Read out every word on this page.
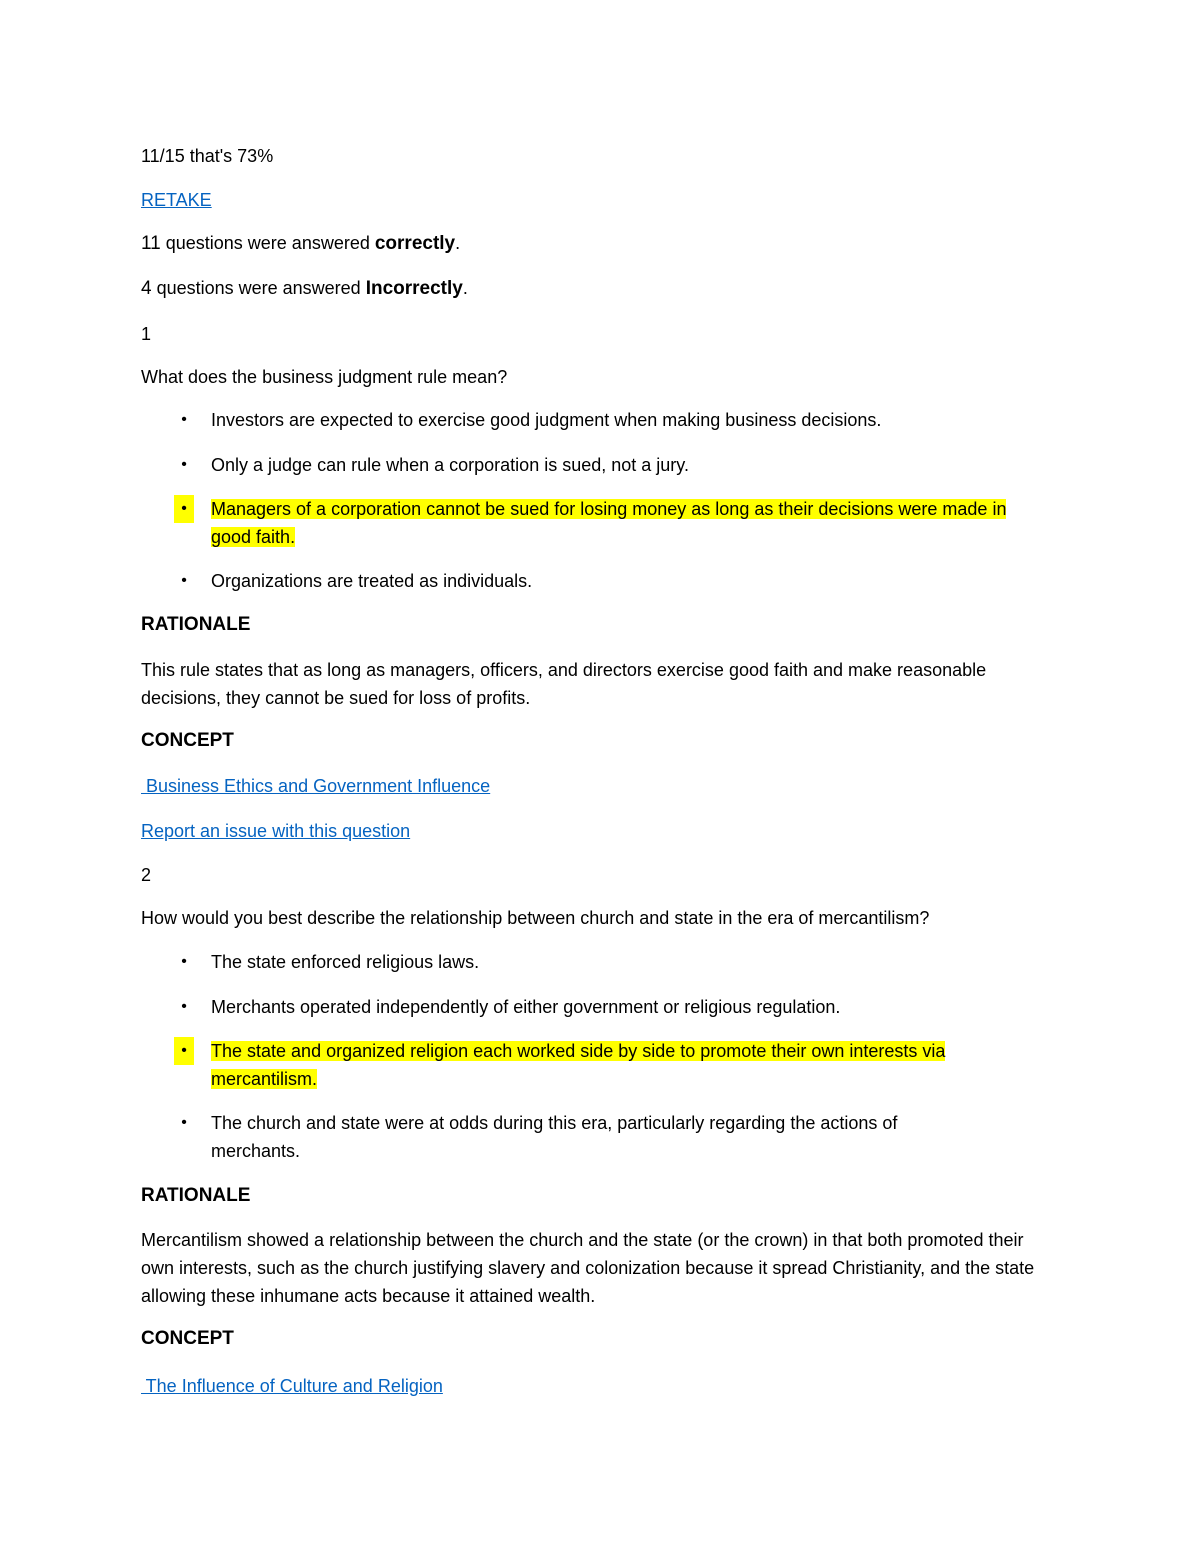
11/15 that's 73%
RETAKE
11 questions were answered correctly.
4 questions were answered Incorrectly.
1
What does the business judgment rule mean?
•	Investors are expected to exercise good judgment when making business decisions.
•	Only a judge can rule when a corporation is sued, not a jury.
•	Managers of a corporation cannot be sued for losing money as long as their decisions were made in good faith.
•	Organizations are treated as individuals.
RATIONALE
This rule states that as long as managers, officers, and directors exercise good faith and make reasonable decisions, they cannot be sued for loss of profits.
CONCEPT
Business Ethics and Government Influence
Report an issue with this question
2
How would you best describe the relationship between church and state in the era of mercantilism?
•	The state enforced religious laws.
•	Merchants operated independently of either government or religious regulation.
•	The state and organized religion each worked side by side to promote their own interests via mercantilism.
•	The church and state were at odds during this era, particularly regarding the actions of merchants.
RATIONALE
Mercantilism showed a relationship between the church and the state (or the crown) in that both promoted their own interests, such as the church justifying slavery and colonization because it spread Christianity, and the state allowing these inhumane acts because it attained wealth.
CONCEPT
The Influence of Culture and Religion
